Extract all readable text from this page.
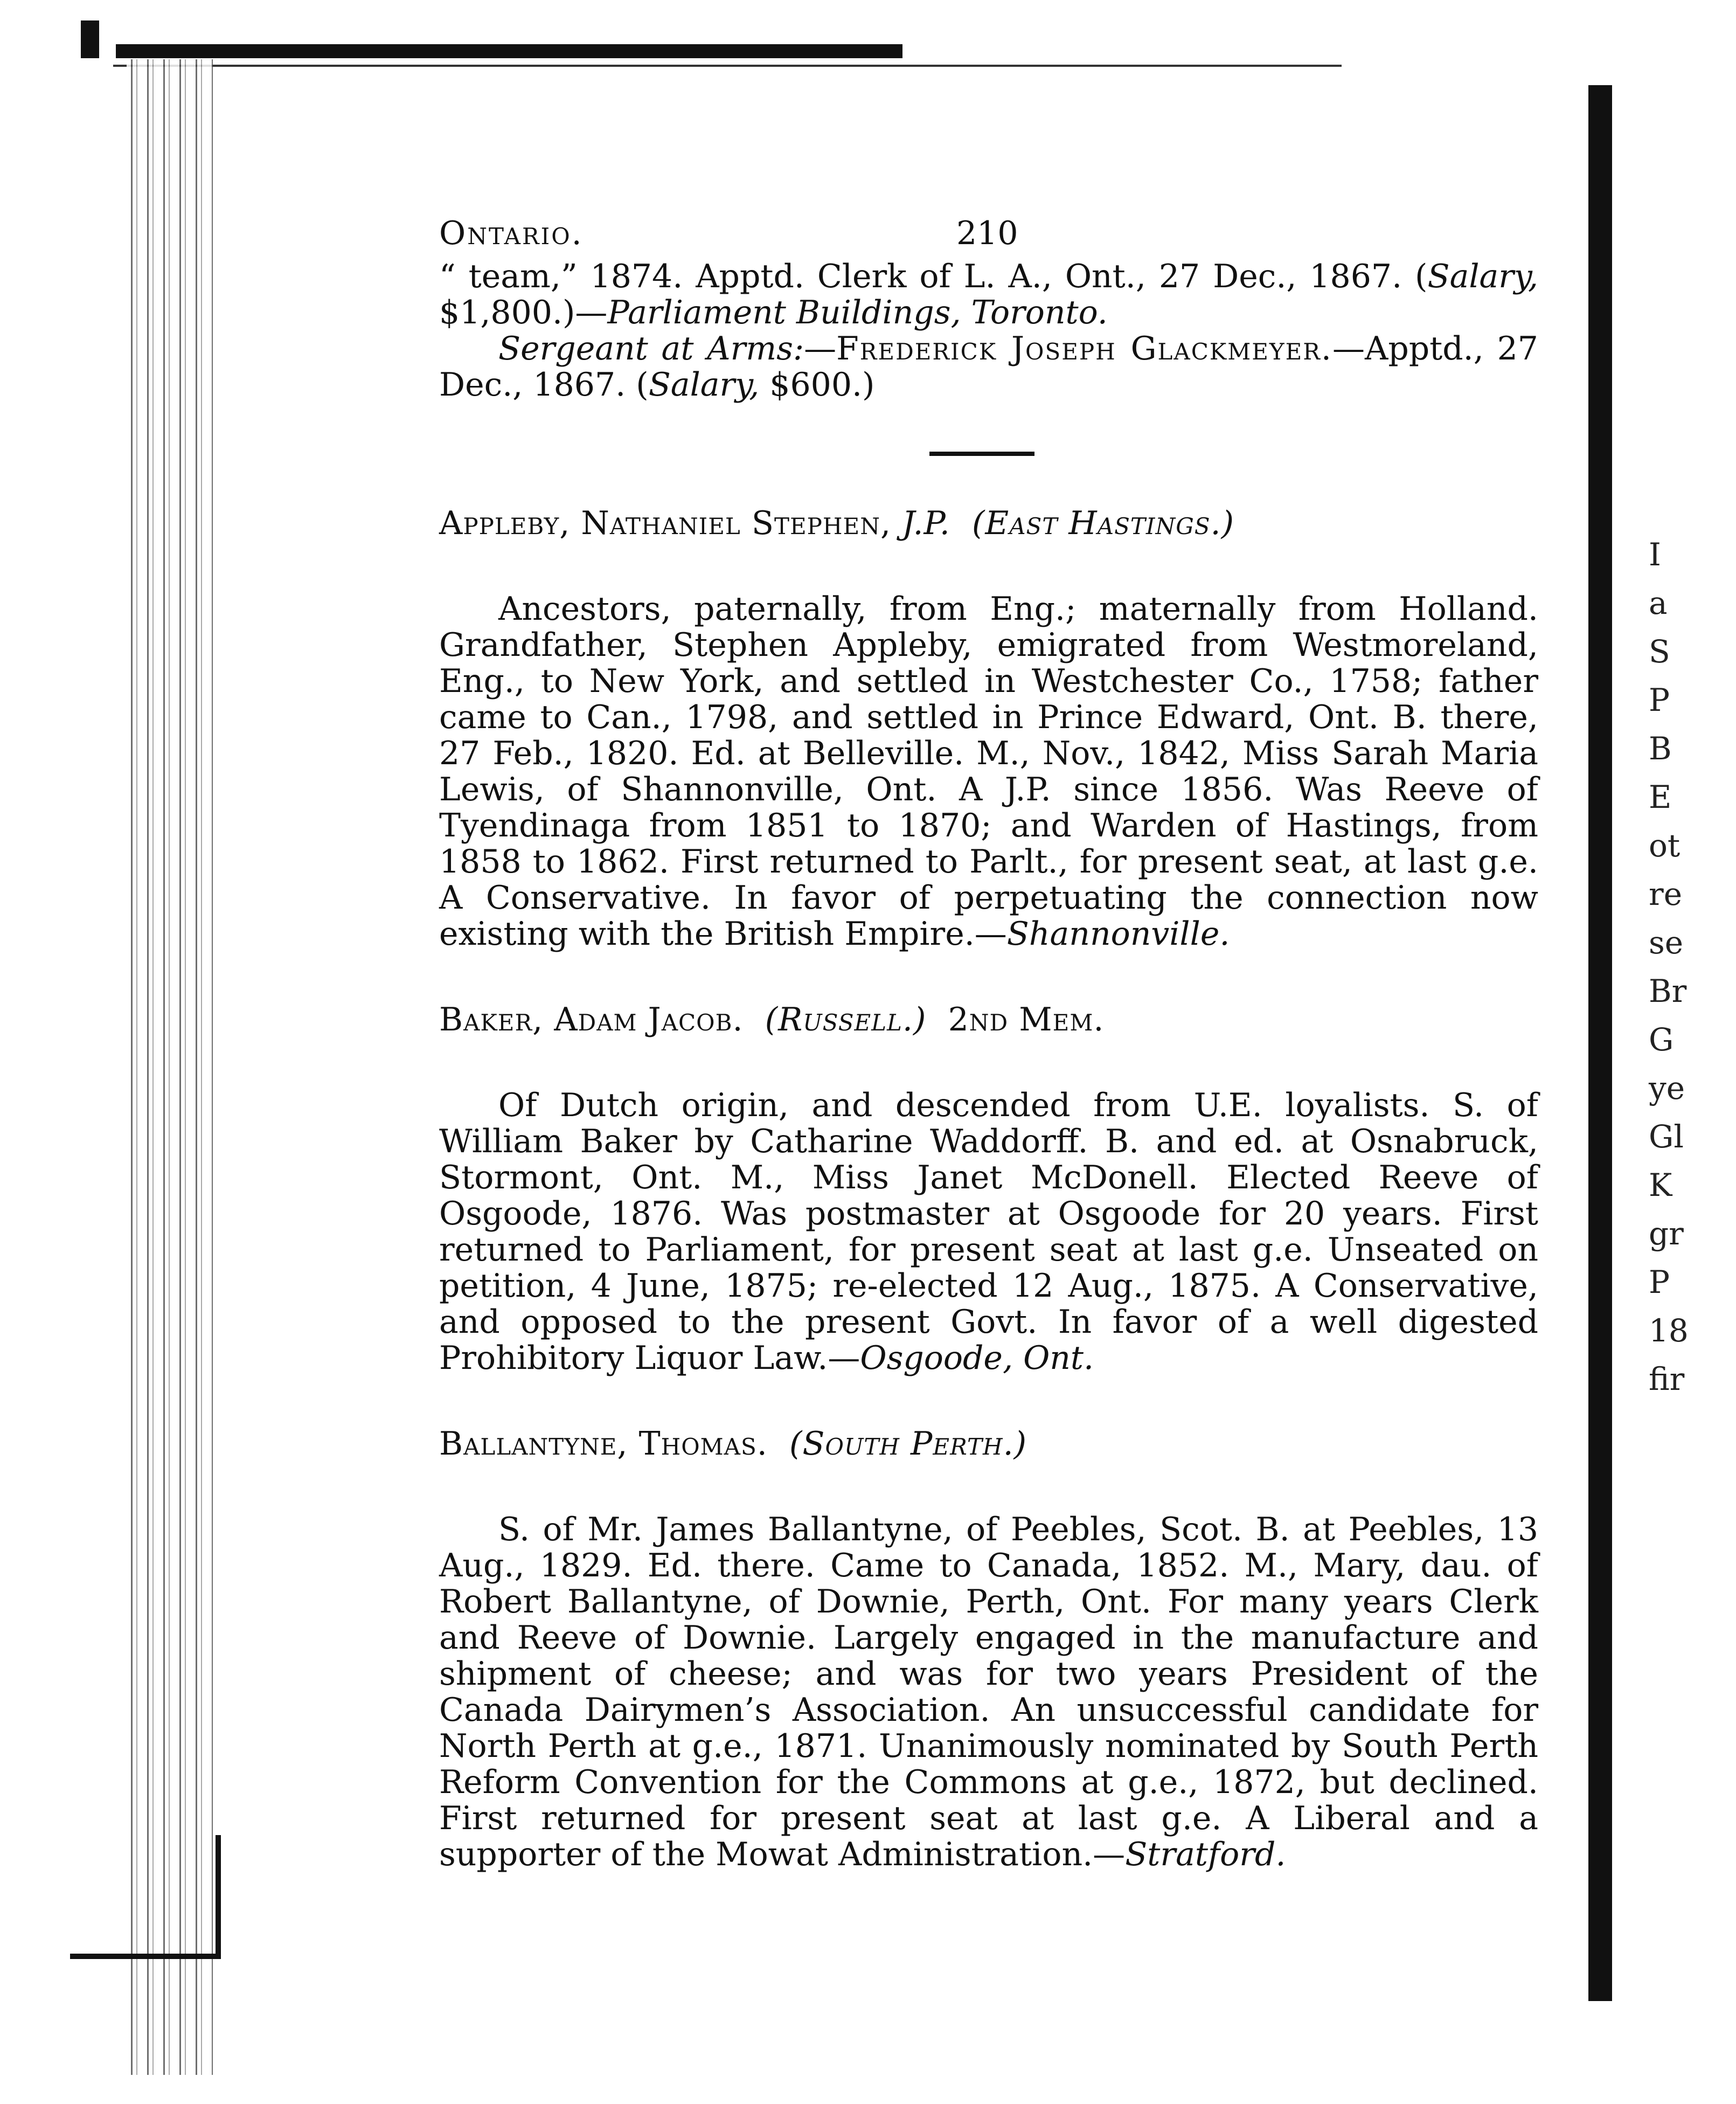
I
a
S
P
B
E
ot
re
se
Br
G
ye
Gl
K
gr
P
18
fir
Ontario.	210

“ team,” 1874. Apptd. Clerk of L. A., Ont., 27 Dec., 1867. (Salary, $1,800.)—Parliament Buildings, Toronto.

Sergeant at Arms:—Frederick Joseph Glackmeyer.—Apptd., 27 Dec., 1867. (Salary, $600.)

Appleby, Nathaniel Stephen, J.P. (East Hastings.)

Ancestors, paternally, from Eng.; maternally from Holland. Grandfather, Stephen Appleby, emigrated from Westmoreland, Eng., to New York, and settled in Westchester Co., 1758; father came to Can., 1798, and settled in Prince Edward, Ont. B. there, 27 Feb., 1820. Ed. at Belleville. M., Nov., 1842, Miss Sarah Maria Lewis, of Shannonville, Ont. A J.P. since 1856. Was Reeve of Tyendinaga from 1851 to 1870; and Warden of Hastings, from 1858 to 1862. First returned to Parlt., for present seat, at last g.e. A Conservative. In favor of perpetuating the connection now existing with the British Empire.—Shannonville.

Baker, Adam Jacob. (Russell.) 2nd Mem.

Of Dutch origin, and descended from U.E. loyalists. S. of William Baker by Catharine Waddorff. B. and ed. at Osnabruck, Stormont, Ont. M., Miss Janet McDonell. Elected Reeve of Osgoode, 1876. Was postmaster at Osgoode for 20 years. First returned to Parliament, for present seat at last g.e. Unseated on petition, 4 June, 1875; re-elected 12 Aug., 1875. A Conservative, and opposed to the present Govt. In favor of a well digested Prohibitory Liquor Law.—Osgoode, Ont.

Ballantyne, Thomas. (South Perth.)

S. of Mr. James Ballantyne, of Peebles, Scot. B. at Peebles, 13 Aug., 1829. Ed. there. Came to Canada, 1852. M., Mary, dau. of Robert Ballantyne, of Downie, Perth, Ont. For many years Clerk and Reeve of Downie. Largely engaged in the manufacture and shipment of cheese; and was for two years President of the Canada Dairymen’s Association. An unsuccessful candidate for North Perth at g.e., 1871. Unanimously nominated by South Perth Reform Convention for the Commons at g.e., 1872, but declined. First returned for present seat at last g.e. A Liberal and a supporter of the Mowat Administration.—Stratford.
